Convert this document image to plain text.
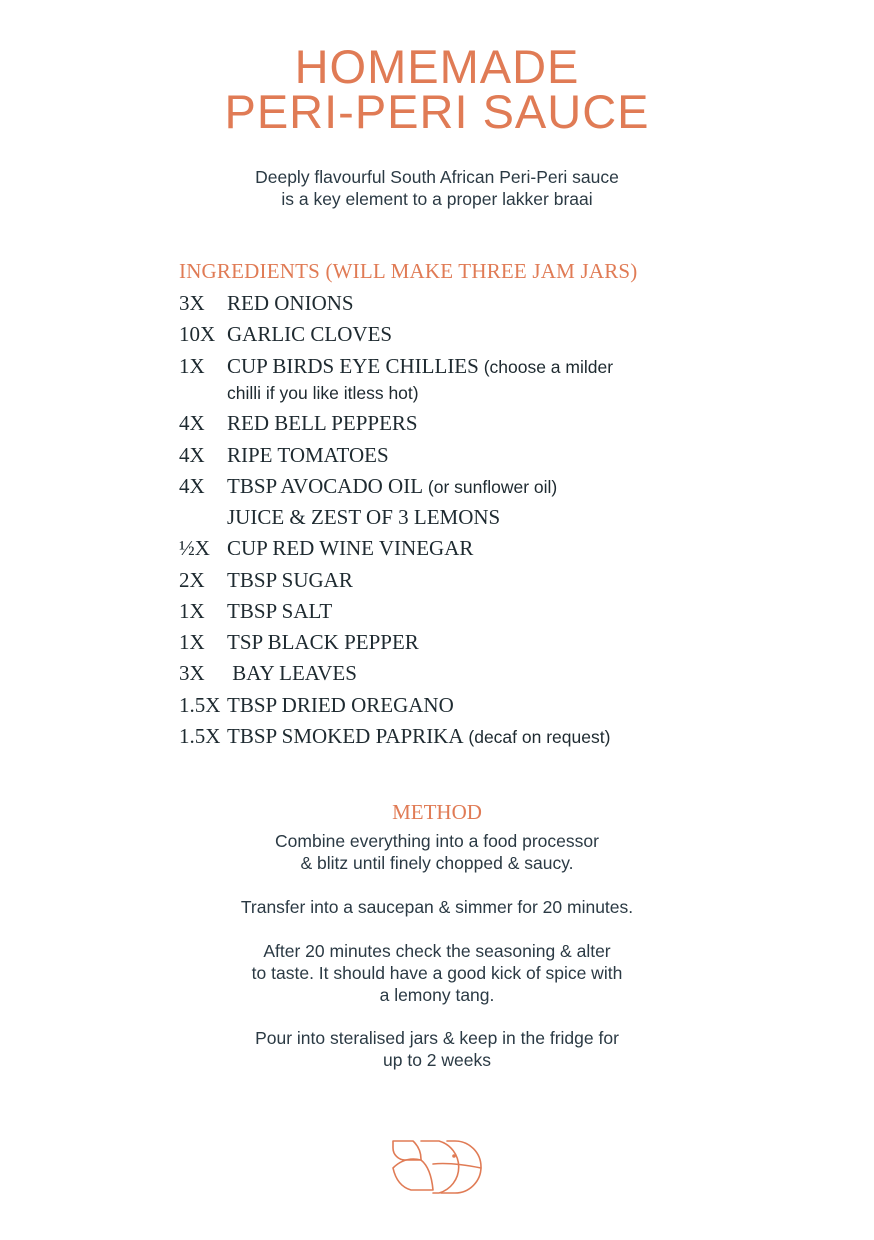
HOMEMADE
PERI-PERI SAUCE
Deeply flavourful South African Peri-Peri sauce
is a key element to a proper lakker braai
INGREDIENTS (WILL MAKE THREE JAM JARS)
3X RED ONIONS
10X GARLIC CLOVES
1X CUP BIRDS EYE CHILLIES (choose a milder
chilli if you like itless hot)
4X RED BELL PEPPERS
4X RIPE TOMATOES
4X TBSP AVOCADO OIL (or sunflower oil)
JUICE & ZEST OF 3 LEMONS
½X CUP RED WINE VINEGAR
2X TBSP SUGAR
1X TBSP SALT
1X TSP BLACK PEPPER
3X BAY LEAVES
1.5X TBSP DRIED OREGANO
1.5X TBSP SMOKED PAPRIKA (decaf on request)
METHOD
Combine everything into a food processor
& blitz until finely chopped & saucy.
Transfer into a saucepan & simmer for 20 minutes.
After 20 minutes check the seasoning & alter
to taste. It should have a good kick of spice with
a lemony tang.
Pour into steralised jars & keep in the fridge for
up to 2 weeks
